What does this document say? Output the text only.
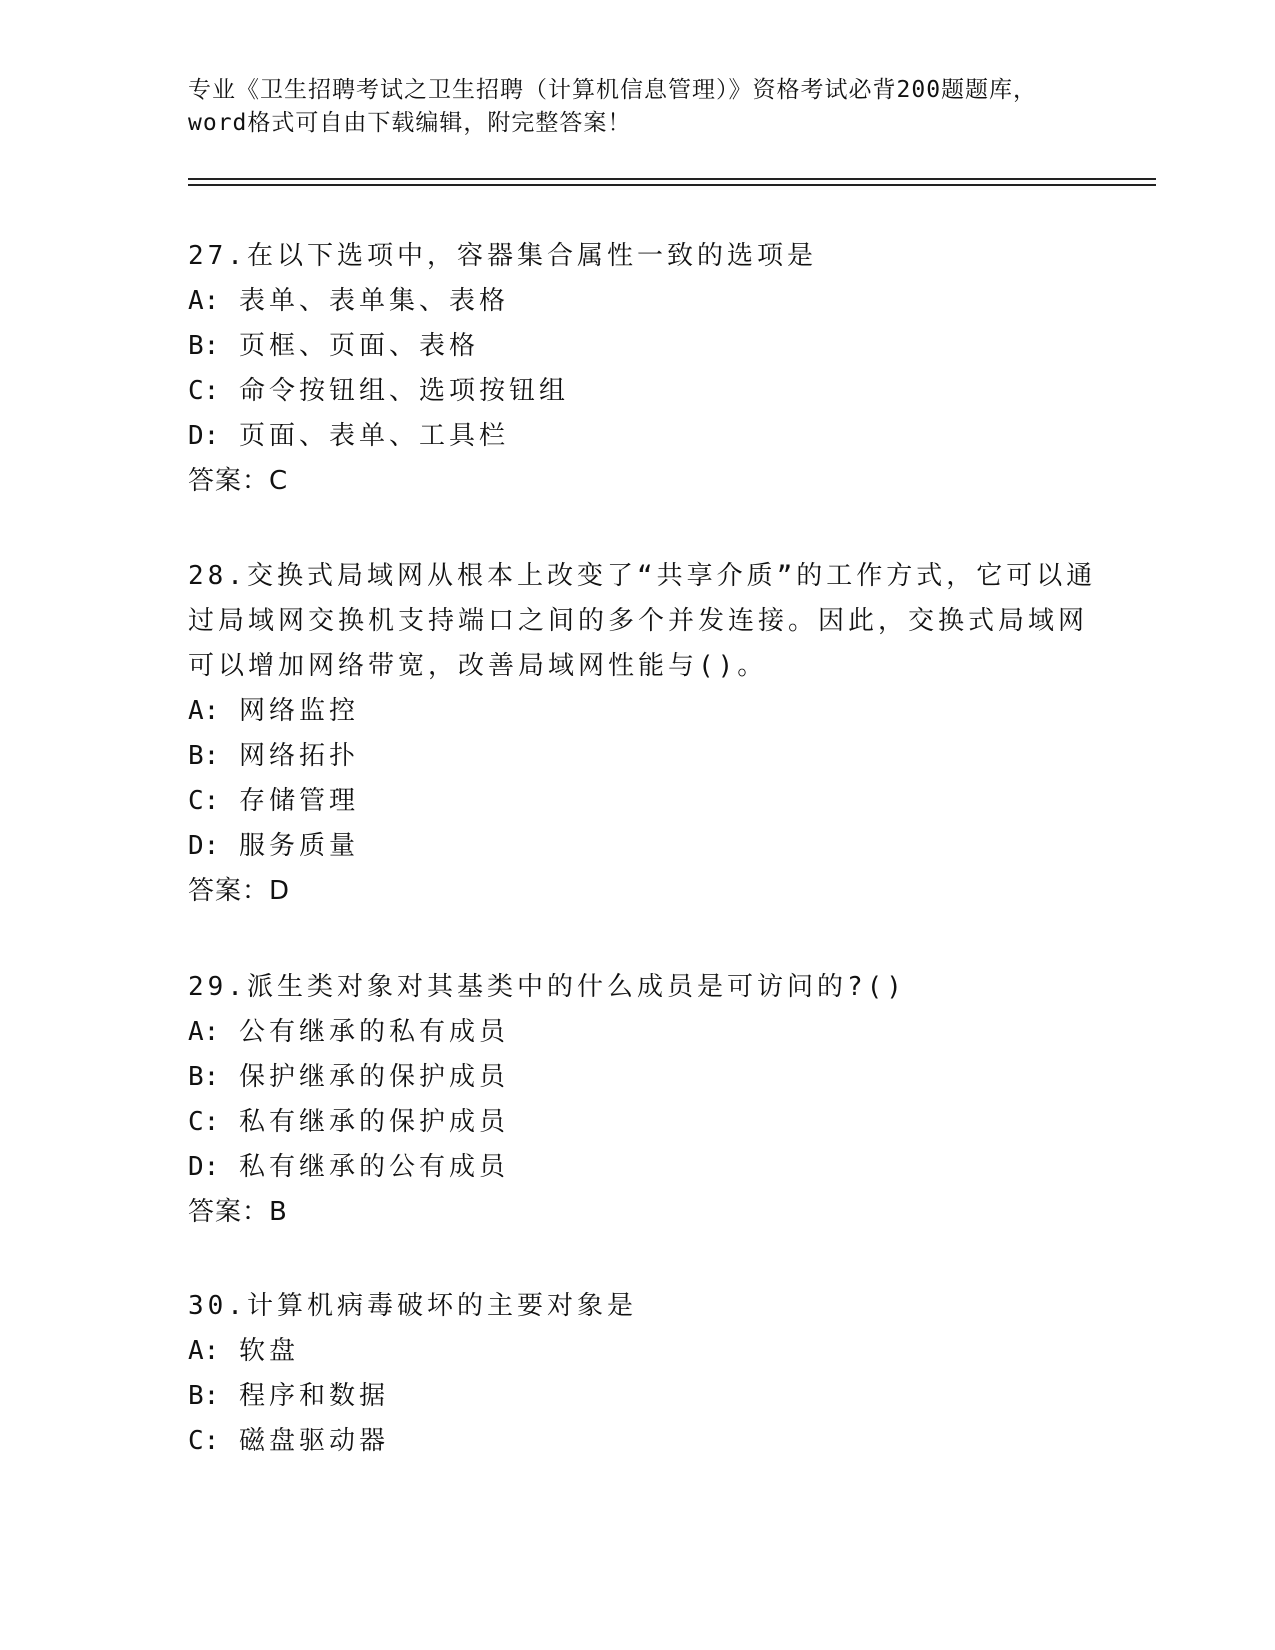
专业《卫生招聘考试之卫生招聘（计算机信息管理）》资格考试必背200题题库，
word格式可自由下载编辑，附完整答案！
27.在以下选项中，容器集合属性一致的选项是
A: 表单、表单集、表格
B: 页框、页面、表格
C: 命令按钮组、选项按钮组
D: 页面、表单、工具栏
答案：C
28.交换式局域网从根本上改变了“共享介质”的工作方式，它可以通
过局域网交换机支持端口之间的多个并发连接。因此，交换式局域网
可以增加网络带宽，改善局域网性能与()。
A: 网络监控
B: 网络拓扑
C: 存储管理
D: 服务质量
答案：D
29.派生类对象对其基类中的什么成员是可访问的?()
A: 公有继承的私有成员
B: 保护继承的保护成员
C: 私有继承的保护成员
D: 私有继承的公有成员
答案：B
30.计算机病毒破坏的主要对象是
A: 软盘
B: 程序和数据
C: 磁盘驱动器
